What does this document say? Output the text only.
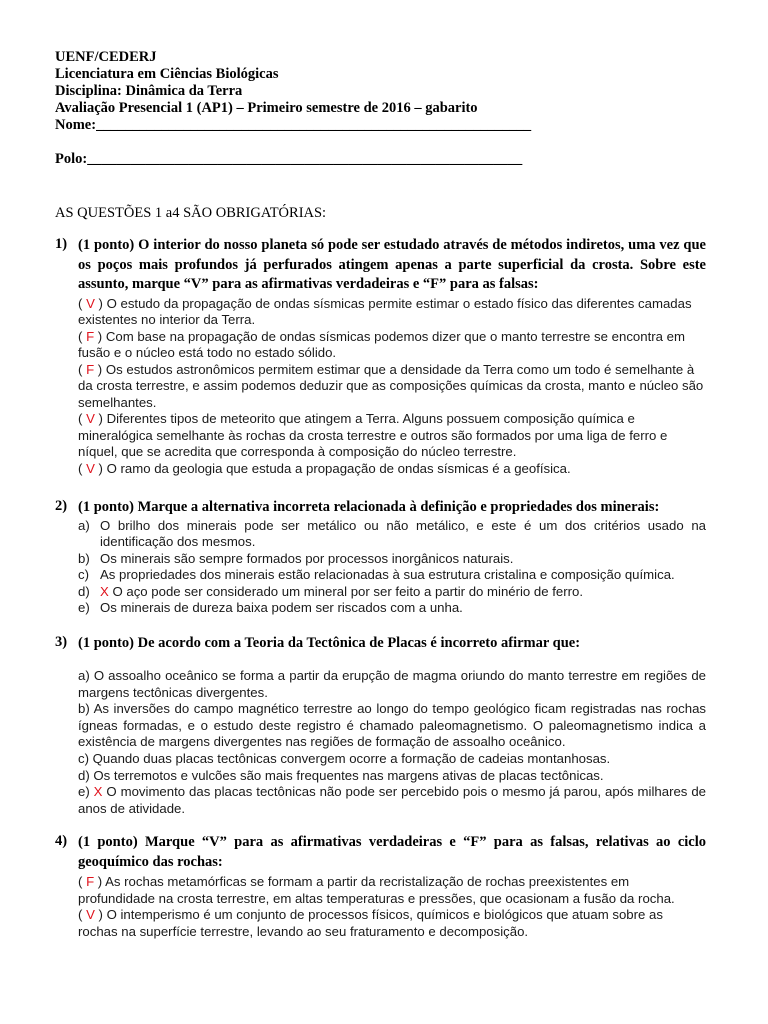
UENF/CEDERJ
Licenciatura em Ciências Biológicas
Disciplina: Dinâmica da Terra
Avaliação Presencial 1 (AP1) – Primeiro semestre de 2016 – gabarito
Nome:____________________________________________________________
Polo:____________________________________________________________
AS QUESTÕES 1 a4 SÃO OBRIGATÓRIAS:
1) (1 ponto) O interior do nosso planeta só pode ser estudado através de métodos indiretos, uma vez que os poços mais profundos já perfurados atingem apenas a parte superficial da crosta. Sobre este assunto, marque “V” para as afirmativas verdadeiras e “F” para as falsas:
( V ) O estudo da propagação de ondas sísmicas permite estimar o estado físico das diferentes camadas existentes no interior da Terra.
( F ) Com base na propagação de ondas sísmicas podemos dizer que o manto terrestre se encontra em fusão e o núcleo está todo no estado sólido.
( F ) Os estudos astronômicos permitem estimar que a densidade da Terra como um todo é semelhante à da crosta terrestre, e assim podemos deduzir que as composições químicas da crosta, manto e núcleo são semelhantes.
( V ) Diferentes tipos de meteorito que atingem a Terra. Alguns possuem composição química e mineralógica semelhante às rochas da crosta terrestre e outros são formados por uma liga de ferro e níquel, que se acredita que corresponda à composição do núcleo terrestre.
( V ) O ramo da geologia que estuda a propagação de ondas sísmicas é a geofísica.
2) (1 ponto) Marque a alternativa incorreta relacionada à definição e propriedades dos minerais:
a) O brilho dos minerais pode ser metálico ou não metálico, e este é um dos critérios usado na identificação dos mesmos.
b) Os minerais são sempre formados por processos inorgânicos naturais.
c) As propriedades dos minerais estão relacionadas à sua estrutura cristalina e composição química.
d) X O aço pode ser considerado um mineral por ser feito a partir do minério de ferro.
e) Os minerais de dureza baixa podem ser riscados com a unha.
3) (1 ponto) De acordo com a Teoria da Tectônica de Placas é incorreto afirmar que:
a) O assoalho oceânico se forma a partir da erupção de magma oriundo do manto terrestre em regiões de margens tectônicas divergentes.
b) As inversões do campo magnético terrestre ao longo do tempo geológico ficam registradas nas rochas ígneas formadas, e o estudo deste registro é chamado paleomagnetismo. O paleomagnetismo indica a existência de margens divergentes nas regiões de formação de assoalho oceânico.
c) Quando duas placas tectônicas convergem ocorre a formação de cadeias montanhosas.
d) Os terremotos e vulcões são mais frequentes nas margens ativas de placas tectônicas.
e) X O movimento das placas tectônicas não pode ser percebido pois o mesmo já parou, após milhares de anos de atividade.
4) (1 ponto) Marque “V” para as afirmativas verdadeiras e “F” para as falsas, relativas ao ciclo geoquímico das rochas:
( F ) As rochas metamórficas se formam a partir da recristalização de rochas preexistentes em profundidade na crosta terrestre, em altas temperaturas e pressões, que ocasionam a fusão da rocha.
( V ) O intemperismo é um conjunto de processos físicos, químicos e biológicos que atuam sobre as rochas na superfície terrestre, levando ao seu fraturamento e decomposição.
